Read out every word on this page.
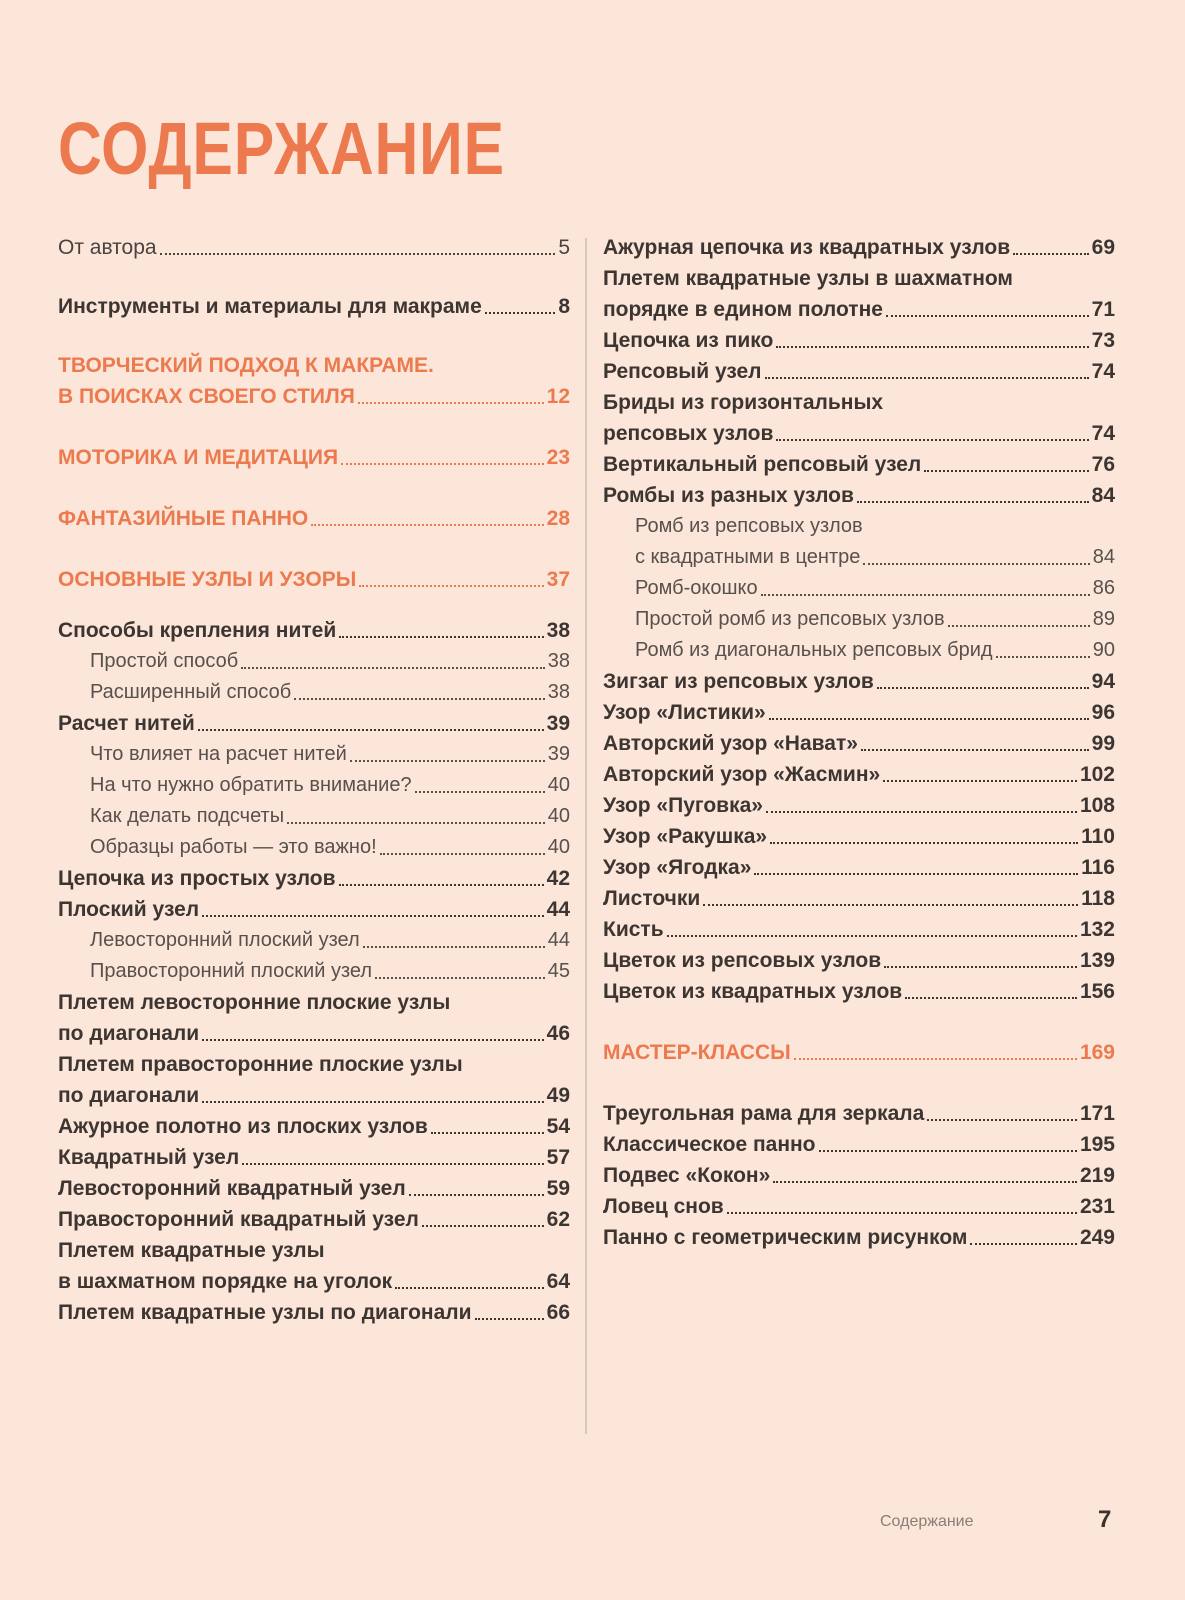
СОДЕРЖАНИЕ
От автора	5
Инструменты и материалы для макраме	8
ТВОРЧЕСКИЙ ПОДХОД К МАКРАМЕ.
В ПОИСКАХ СВОЕГО СТИЛЯ	12
МОТОРИКА И МЕДИТАЦИЯ	23
ФАНТАЗИЙНЫЕ ПАННО	28
ОСНОВНЫЕ УЗЛЫ И УЗОРЫ	37
Способы крепления нитей	38
Простой способ	38
Расширенный способ	38
Расчет нитей	39
Что влияет на расчет нитей	39
На что нужно обратить внимание?	40
Как делать подсчеты	40
Образцы работы — это важно!	40
Цепочка из простых узлов	42
Плоский узел	44
Левосторонний плоский узел	44
Правосторонний плоский узел	45
Плетем левосторонние плоские узлы
по диагонали	46
Плетем правосторонние плоские узлы
по диагонали	49
Ажурное полотно из плоских узлов	54
Квадратный узел	57
Левосторонний квадратный узел	59
Правосторонний квадратный узел	62
Плетем квадратные узлы
в шахматном порядке на уголок	64
Плетем квадратные узлы по диагонали	66
Ажурная цепочка из квадратных узлов	69
Плетем квадратные узлы в шахматном
порядке в едином полотне	71
Цепочка из пико	73
Репсовый узел	74
Бриды из горизонтальных
репсовых узлов	74
Вертикальный репсовый узел	76
Ромбы из разных узлов	84
Ромб из репсовых узлов
с квадратными в центре	84
Ромб-окошко	86
Простой ромб из репсовых узлов	89
Ромб из диагональных репсовых брид	90
Зигзаг из репсовых узлов	94
Узор «Листики»	96
Авторский узор «Нават»	99
Авторский узор «Жасмин»	102
Узор «Пуговка»	108
Узор «Ракушка»	110
Узор «Ягодка»	116
Листочки	118
Кисть	132
Цветок из репсовых узлов	139
Цветок из квадратных узлов	156
МАСТЕР-КЛАССЫ	169
Треугольная рама для зеркала	171
Классическое панно	195
Подвес «Кокон»	219
Ловец снов	231
Панно с геометрическим рисунком	249
Содержание	7
